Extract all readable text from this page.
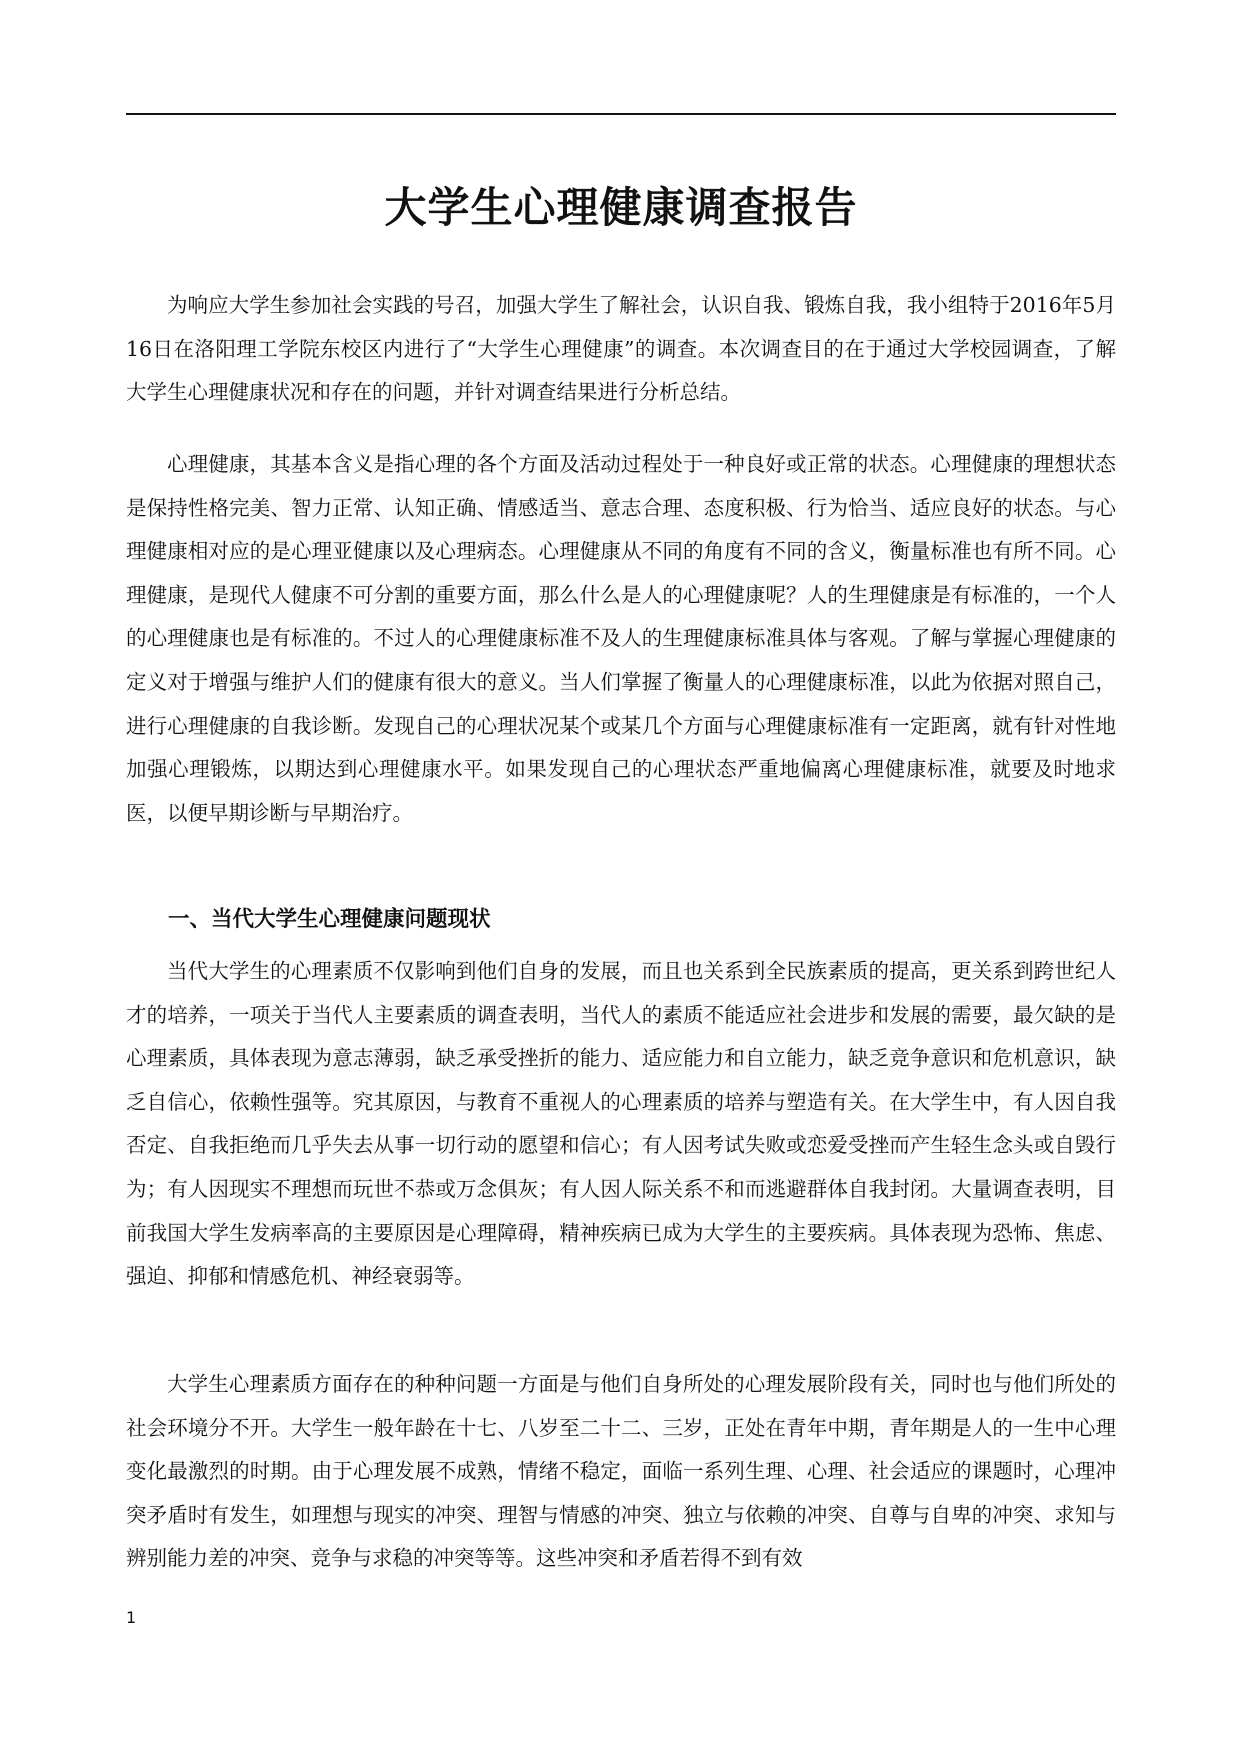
大学生心理健康调查报告

为响应大学生参加社会实践的号召，加强大学生了解社会，认识自我、锻炼自我，我小组特于2016年5月16日在洛阳理工学院东校区内进行了“大学生心理健康”的调查。本次调查目的在于通过大学校园调查，了解大学生心理健康状况和存在的问题，并针对调查结果进行分析总结。

心理健康，其基本含义是指心理的各个方面及活动过程处于一种良好或正常的状态。心理健康的理想状态是保持性格完美、智力正常、认知正确、情感适当、意志合理、态度积极、行为恰当、适应良好的状态。与心理健康相对应的是心理亚健康以及心理病态。心理健康从不同的角度有不同的含义，衡量标准也有所不同。心理健康，是现代人健康不可分割的重要方面，那么什么是人的心理健康呢？人的生理健康是有标准的，一个人的心理健康也是有标准的。不过人的心理健康标准不及人的生理健康标准具体与客观。了解与掌握心理健康的定义对于增强与维护人们的健康有很大的意义。当人们掌握了衡量人的心理健康标准，以此为依据对照自己，进行心理健康的自我诊断。发现自己的心理状况某个或某几个方面与心理健康标准有一定距离，就有针对性地加强心理锻炼，以期达到心理健康水平。如果发现自己的心理状态严重地偏离心理健康标准，就要及时地求医，以便早期诊断与早期治疗。

一、当代大学生心理健康问题现状

当代大学生的心理素质不仅影响到他们自身的发展，而且也关系到全民族素质的提高，更关系到跨世纪人才的培养，一项关于当代人主要素质的调查表明，当代人的素质不能适应社会进步和发展的需要，最欠缺的是心理素质，具体表现为意志薄弱，缺乏承受挫折的能力、适应能力和自立能力，缺乏竞争意识和危机意识，缺乏自信心，依赖性强等。究其原因，与教育不重视人的心理素质的培养与塑造有关。在大学生中，有人因自我否定、自我拒绝而几乎失去从事一切行动的愿望和信心；有人因考试失败或恋爱受挫而产生轻生念头或自毁行为；有人因现实不理想而玩世不恭或万念俱灰；有人因人际关系不和而逃避群体自我封闭。大量调查表明，目前我国大学生发病率高的主要原因是心理障碍，精神疾病已成为大学生的主要疾病。具体表现为恐怖、焦虑、强迫、抑郁和情感危机、神经衰弱等。

大学生心理素质方面存在的种种问题一方面是与他们自身所处的心理发展阶段有关，同时也与他们所处的社会环境分不开。大学生一般年龄在十七、八岁至二十二、三岁，正处在青年中期，青年期是人的一生中心理变化最激烈的时期。由于心理发展不成熟，情绪不稳定，面临一系列生理、心理、社会适应的课题时，心理冲突矛盾时有发生，如理想与现实的冲突、理智与情感的冲突、独立与依赖的冲突、自尊与自卑的冲突、求知与辨别能力差的冲突、竞争与求稳的冲突等等。这些冲突和矛盾若得不到有效

1
